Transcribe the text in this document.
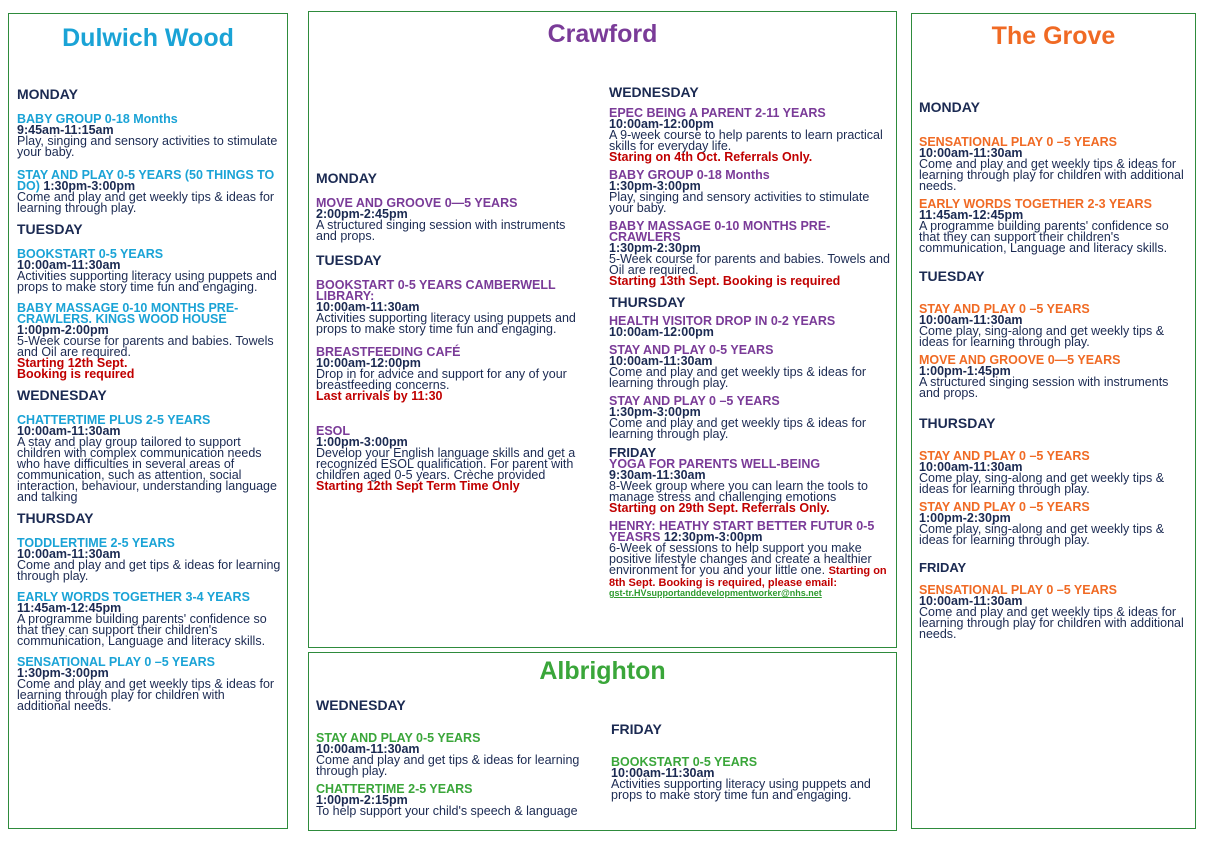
Dulwich Wood
MONDAY
BABY GROUP 0-18 Months
9:45am-11:15am
Play, singing and sensory activities to stimulate your baby.
STAY AND PLAY 0-5 YEARS (50 THINGS TO DO) 1:30pm-3:00pm
Come and play and get weekly tips & ideas for learning through play.
TUESDAY
BOOKSTART 0-5 YEARS
10:00am-11:30am
Activities supporting literacy using puppets and props to make story time fun and engaging.
BABY MASSAGE 0-10 MONTHS PRE-CRAWLERS. KINGS WOOD HOUSE
1:00pm-2:00pm
5-Week course for parents and babies. Towels and Oil are required.
Starting 12th Sept.
Booking is required
WEDNESDAY
CHATTERTIME PLUS 2-5 YEARS
10:00am-11:30am
A stay and play group tailored to support children with complex communication needs who have difficulties in several areas of communication, such as attention, social interaction, behaviour, understanding language and talking
THURSDAY
TODDLERTIME 2-5 YEARS
10:00am-11:30am
Come and play and get tips & ideas for learning through play.
EARLY WORDS TOGETHER 3-4 YEARS
11:45am-12:45pm
A programme building parents' confidence so that they can support their children's communication, Language and literacy skills.
SENSATIONAL PLAY 0 –5 YEARS
1:30pm-3:00pm
Come and play and get weekly tips & ideas for learning through play for children with additional needs.
Crawford
MONDAY
MOVE AND GROOVE 0—5 YEARS
2:00pm-2:45pm
A structured singing session with instruments and props.
TUESDAY
BOOKSTART 0-5 YEARS CAMBERWELL LIBRARY:
10:00am-11:30am
Activities supporting literacy using puppets and props to make story time fun and engaging.
BREASTFEEDING CAFÉ
10:00am-12:00pm
Drop in for advice and support for any of your breastfeeding concerns.
Last arrivals by 11:30
ESOL
1:00pm-3:00pm
Develop your English language skills and get a recognized ESOL qualification. For parent with children aged 0-5 years. Crèche provided
Starting 12th Sept Term Time Only
WEDNESDAY
EPEC BEING A PARENT 2-11 YEARS
10:00am-12:00pm
A 9-week course to help parents to learn practical skills for everyday life.
Staring on 4th Oct. Referrals Only.
BABY GROUP 0-18 Months
1:30pm-3:00pm
Play, singing and sensory activities to stimulate your baby.
BABY MASSAGE 0-10 MONTHS PRE-CRAWLERS
1:30pm-2:30pm
5-Week course for parents and babies. Towels and Oil are required.
Starting 13th Sept. Booking is required
THURSDAY
HEALTH VISITOR DROP IN 0-2 YEARS
10:00am-12:00pm
STAY AND PLAY 0-5 YEARS
10:00am-11:30am
Come and play and get weekly tips & ideas for learning through play.
STAY AND PLAY 0 –5 YEARS
1:30pm-3:00pm
Come and play and get weekly tips & ideas for learning through play.
FRIDAY
YOGA FOR PARENTS WELL-BEING
9:30am-11:30am
8-Week group where you can learn the tools to manage stress and challenging emotions
Starting on 29th Sept. Referrals Only.
HENRY: HEATHY START BETTER FUTUR 0-5 YEASRS 12:30pm-3:00pm
6-Week of sessions to help support you make positive lifestyle changes and create a healthier environment for you and your little one. Starting on 8th Sept. Booking is required, please email:
gst-tr.HVsupportanddevelopmentworker@nhs.net
Albrighton
WEDNESDAY
STAY AND PLAY 0-5 YEARS
10:00am-11:30am
Come and play and get tips & ideas for learning through play.
CHATTERTIME 2-5 YEARS
1:00pm-2:15pm
To help support your child's speech & language
FRIDAY
BOOKSTART 0-5 YEARS
10:00am-11:30am
Activities supporting literacy using puppets and props to make story time fun and engaging.
The Grove
MONDAY
SENSATIONAL PLAY 0 –5 YEARS
10:00am-11:30am
Come and play and get weekly tips & ideas for learning through play for children with additional needs.
EARLY WORDS TOGETHER 2-3 YEARS
11:45am-12:45pm
A programme building parents' confidence so that they can support their children's communication, Language and literacy skills.
TUESDAY
STAY AND PLAY 0 –5 YEARS
10:00am-11:30am
Come play, sing-along and get weekly tips & ideas for learning through play.
MOVE AND GROOVE 0—5 YEARS
1:00pm-1:45pm
A structured singing session with instruments and props.
THURSDAY
STAY AND PLAY 0 –5 YEARS
10:00am-11:30am
Come play, sing-along and get weekly tips & ideas for learning through play.
STAY AND PLAY 0 –5 YEARS
1:00pm-2:30pm
Come play, sing-along and get weekly tips & ideas for learning through play.
FRIDAY
SENSATIONAL PLAY 0 –5 YEARS
10:00am-11:30am
Come and play and get weekly tips & ideas for learning through play for children with additional needs.
